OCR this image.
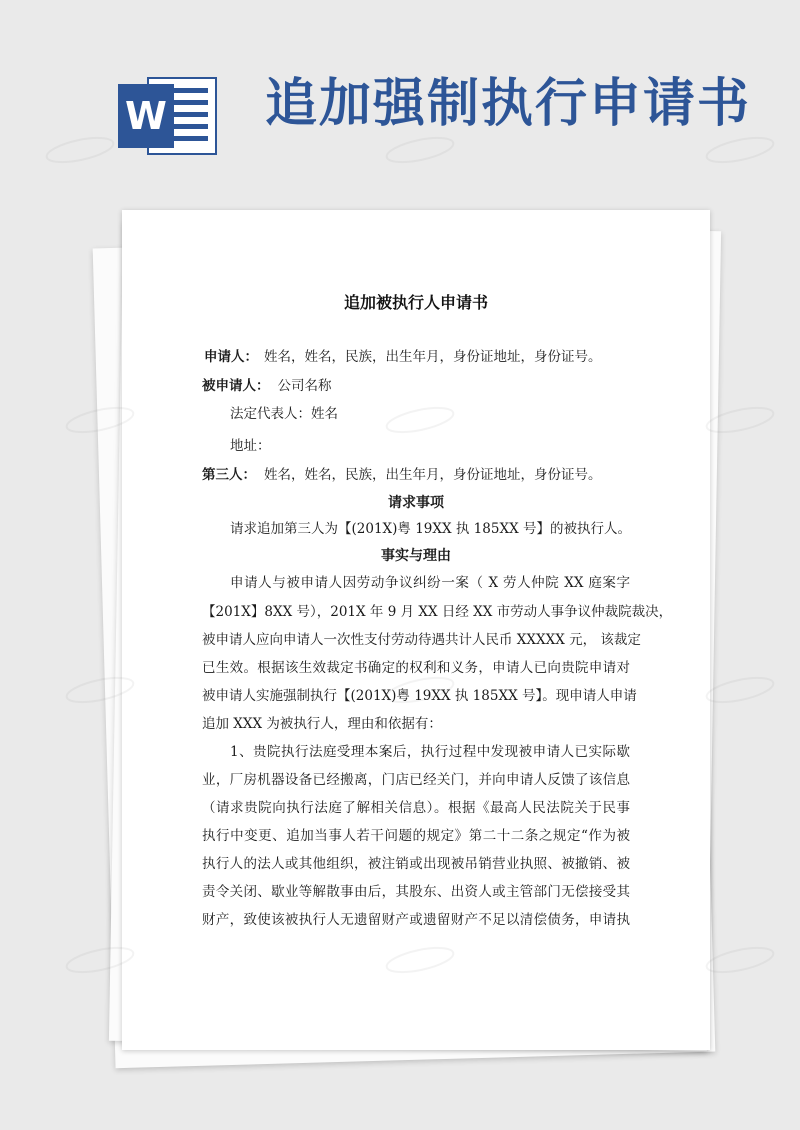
W 追加强制执行申请书
追加被执行人申请书
申请人： 姓名，姓名，民族，出生年月，身份证地址，身份证号。
被申请人： 公司名称
法定代表人：姓名
地址：
第三人： 姓名，姓名，民族，出生年月，身份证地址，身份证号。
请求事项
请求追加第三人为【(201X)粤 19XX 执 185XX 号】的被执行人。
事实与理由
申请人与被申请人因劳动争议纠纷一案（ X 劳人仲院 XX 庭案字
【201X】8XX 号），201X 年 9 月 XX 日经 XX 市劳动人事争议仲裁院裁决，
被申请人应向申请人一次性支付劳动待遇共计人民币 XXXXX 元， 该裁定
已生效。根据该生效裁定书确定的权利和义务，申请人已向贵院申请对
被申请人实施强制执行【(201X)粤 19XX 执 185XX 号】。现申请人申请
追加 XXX 为被执行人，理由和依据有：
1、贵院执行法庭受理本案后，执行过程中发现被申请人已实际歇
业，厂房机器设备已经搬离，门店已经关门，并向申请人反馈了该信息
（请求贵院向执行法庭了解相关信息）。根据《最高人民法院关于民事
执行中变更、追加当事人若干问题的规定》第二十二条之规定“作为被
执行人的法人或其他组织，被注销或出现被吊销营业执照、被撤销、被
责令关闭、歇业等解散事由后，其股东、出资人或主管部门无偿接受其
财产，致使该被执行人无遗留财产或遗留财产不足以清偿债务，申请执
